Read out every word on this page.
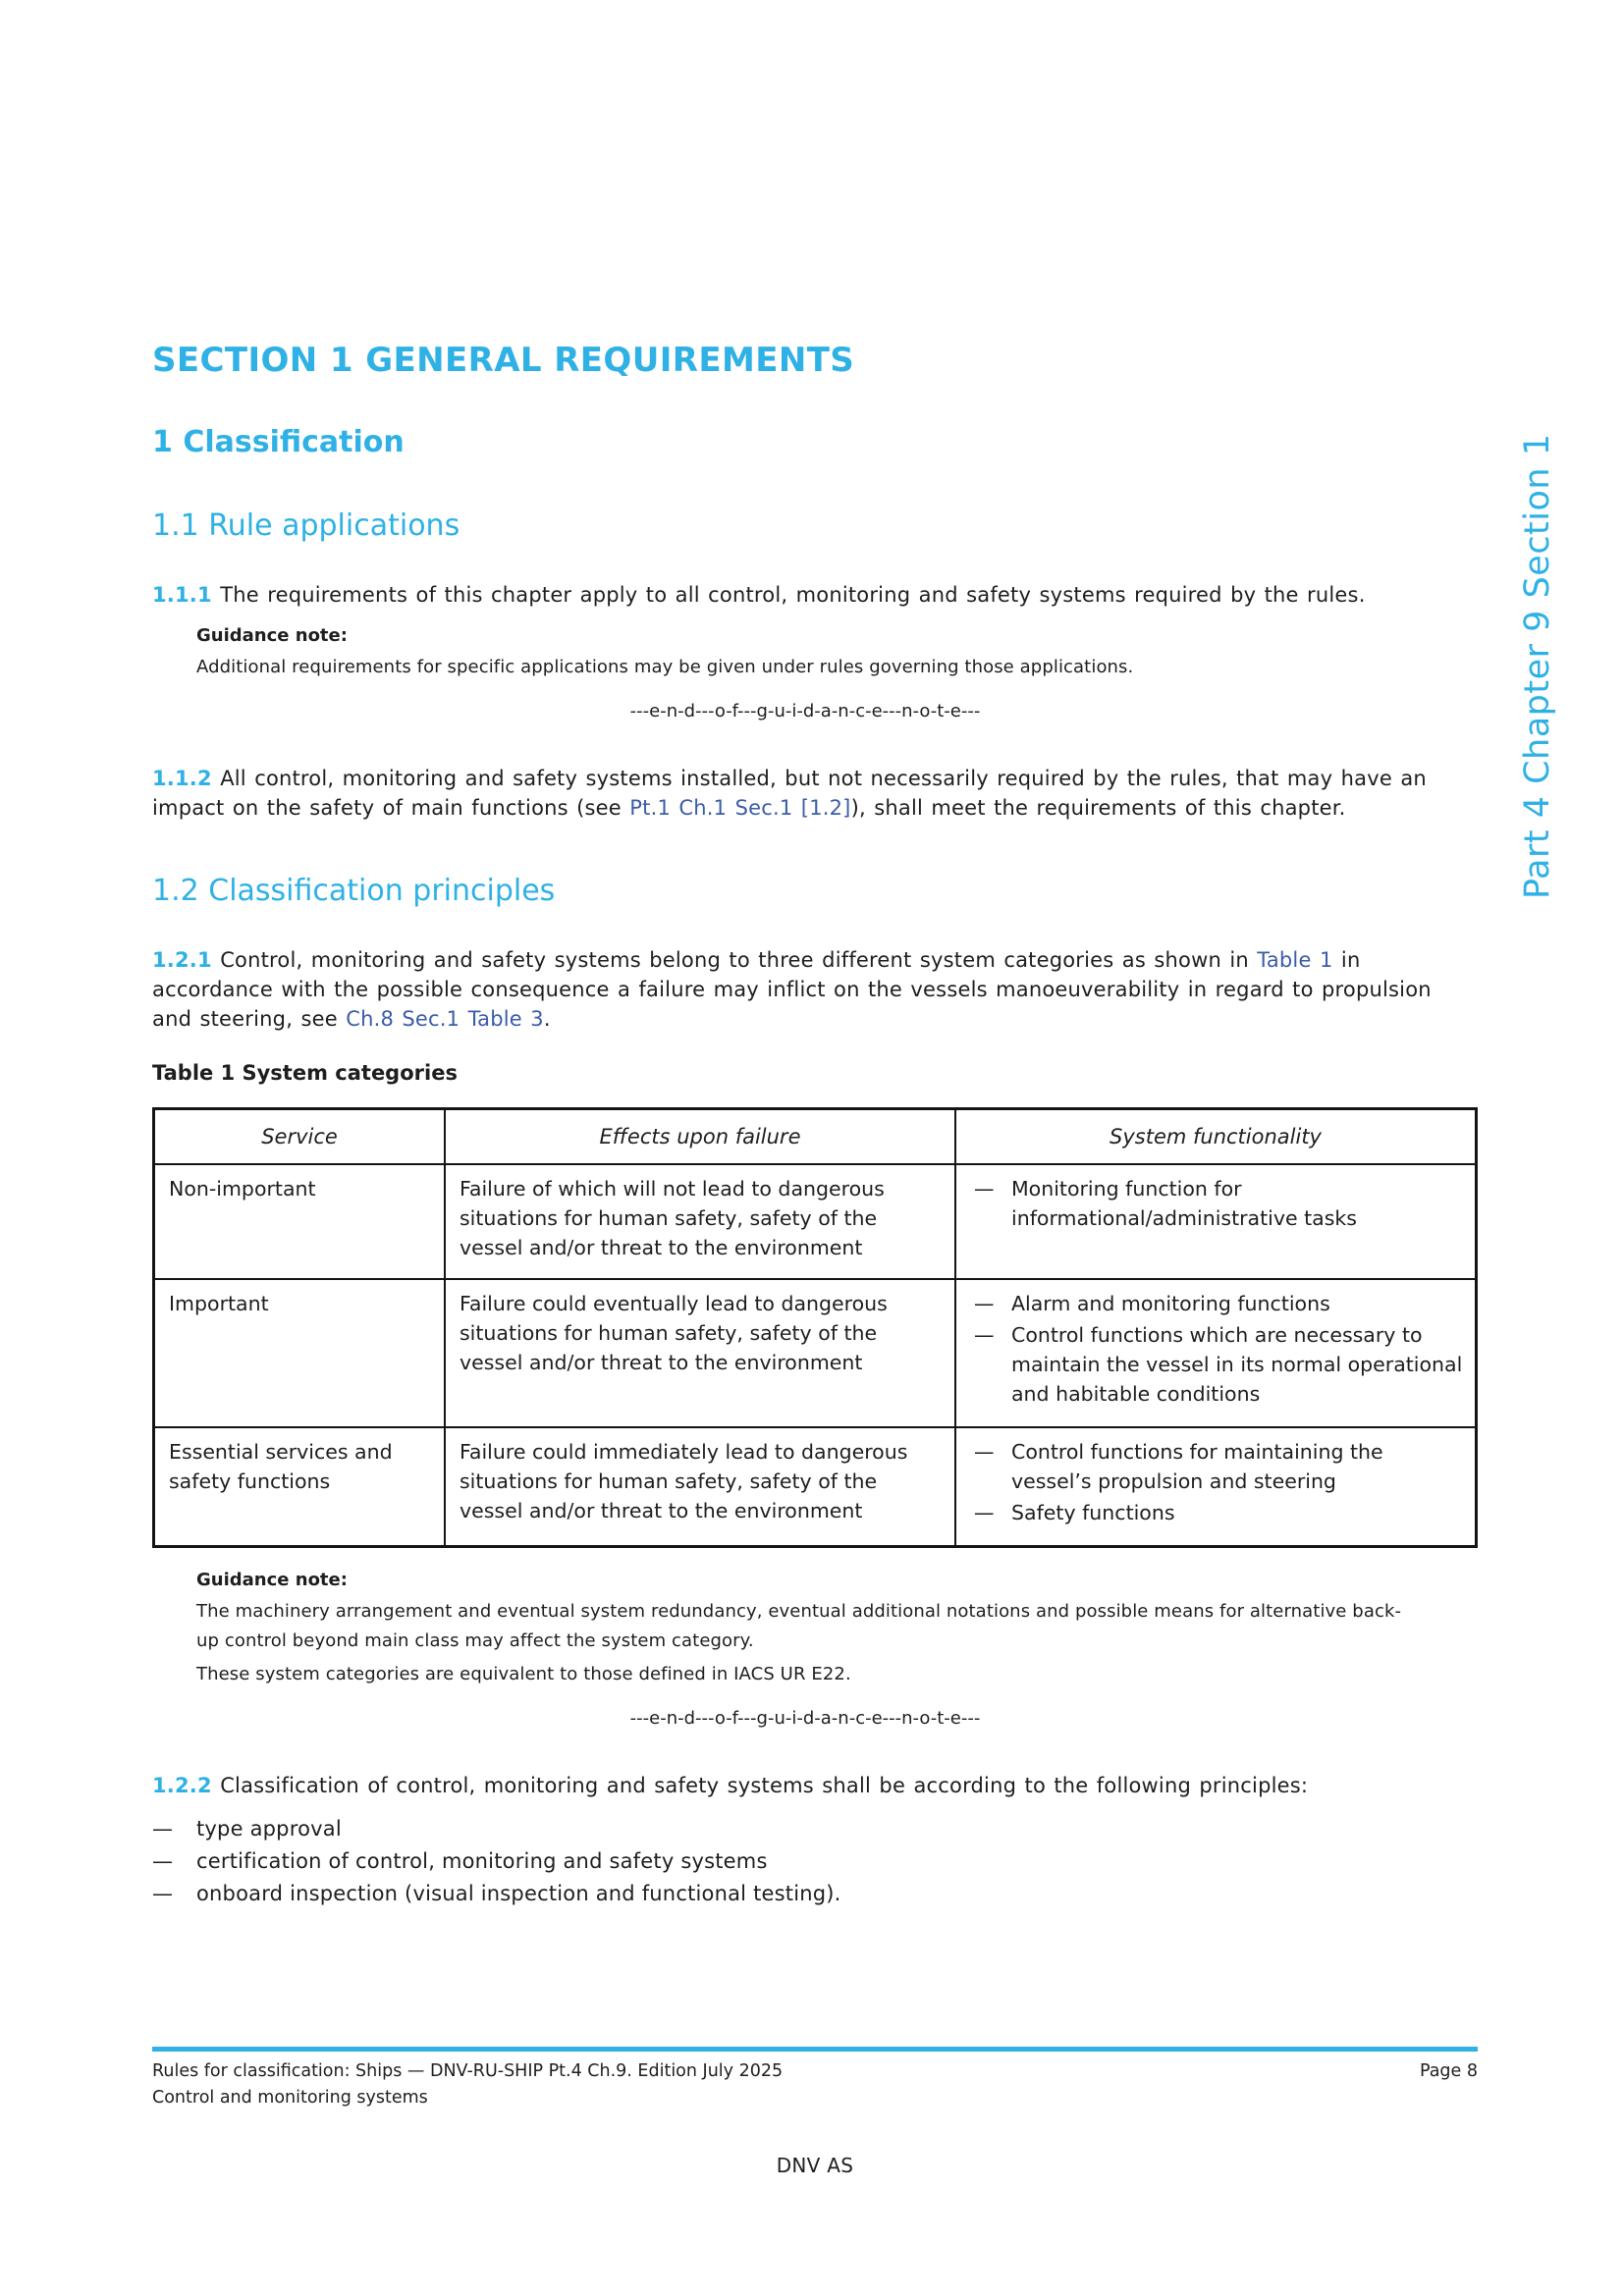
Part 4 Chapter 9 Section 1
SECTION 1 GENERAL REQUIREMENTS
1 Classification
1.1 Rule applications

1.1.1 The requirements of this chapter apply to all control, monitoring and safety systems required by the rules.

Guidance note:

Additional requirements for specific applications may be given under rules governing those applications.

---e-n-d---o-f---g-u-i-d-a-n-c-e---n-o-t-e---

1.1.2 All control, monitoring and safety systems installed, but not necessarily required by the rules, that may have an impact on the safety of main functions (see Pt.1 Ch.1 Sec.1 [1.2]), shall meet the requirements of this chapter.

1.2 Classification principles

1.2.1 Control, monitoring and safety systems belong to three different system categories as shown in Table 1 in accordance with the possible consequence a failure may inflict on the vessels manoeuverability in regard to propulsion and steering, see Ch.8 Sec.1 Table 3.

Table 1 System categories
Service	Effects upon failure	System functionality
Non-important	Failure of which will not lead to dangerous situations for human safety, safety of the vessel and/or threat to the environment	
— Monitoring function for informational/administrative tasks

Important	Failure could eventually lead to dangerous situations for human safety, safety of the vessel and/or threat to the environment	
— Alarm and monitoring functions
— Control functions which are necessary to maintain the vessel in its normal operational and habitable conditions

Essential services and safety functions	Failure could immediately lead to dangerous situations for human safety, safety of the vessel and/or threat to the environment	
— Control functions for maintaining the vessel’s propulsion and steering
— Safety functions
Guidance note:

The machinery arrangement and eventual system redundancy, eventual additional notations and possible means for alternative back-up control beyond main class may affect the system category.

These system categories are equivalent to those defined in IACS UR E22.

---e-n-d---o-f---g-u-i-d-a-n-c-e---n-o-t-e---

1.2.2 Classification of control, monitoring and safety systems shall be according to the following principles:

— type approval
— certification of control, monitoring and safety systems
— onboard inspection (visual inspection and functional testing).
Rules for classification: Ships — DNV-RU-SHIP Pt.4 Ch.9. Edition July 2025	Page 8
Control and monitoring systems
DNV AS
